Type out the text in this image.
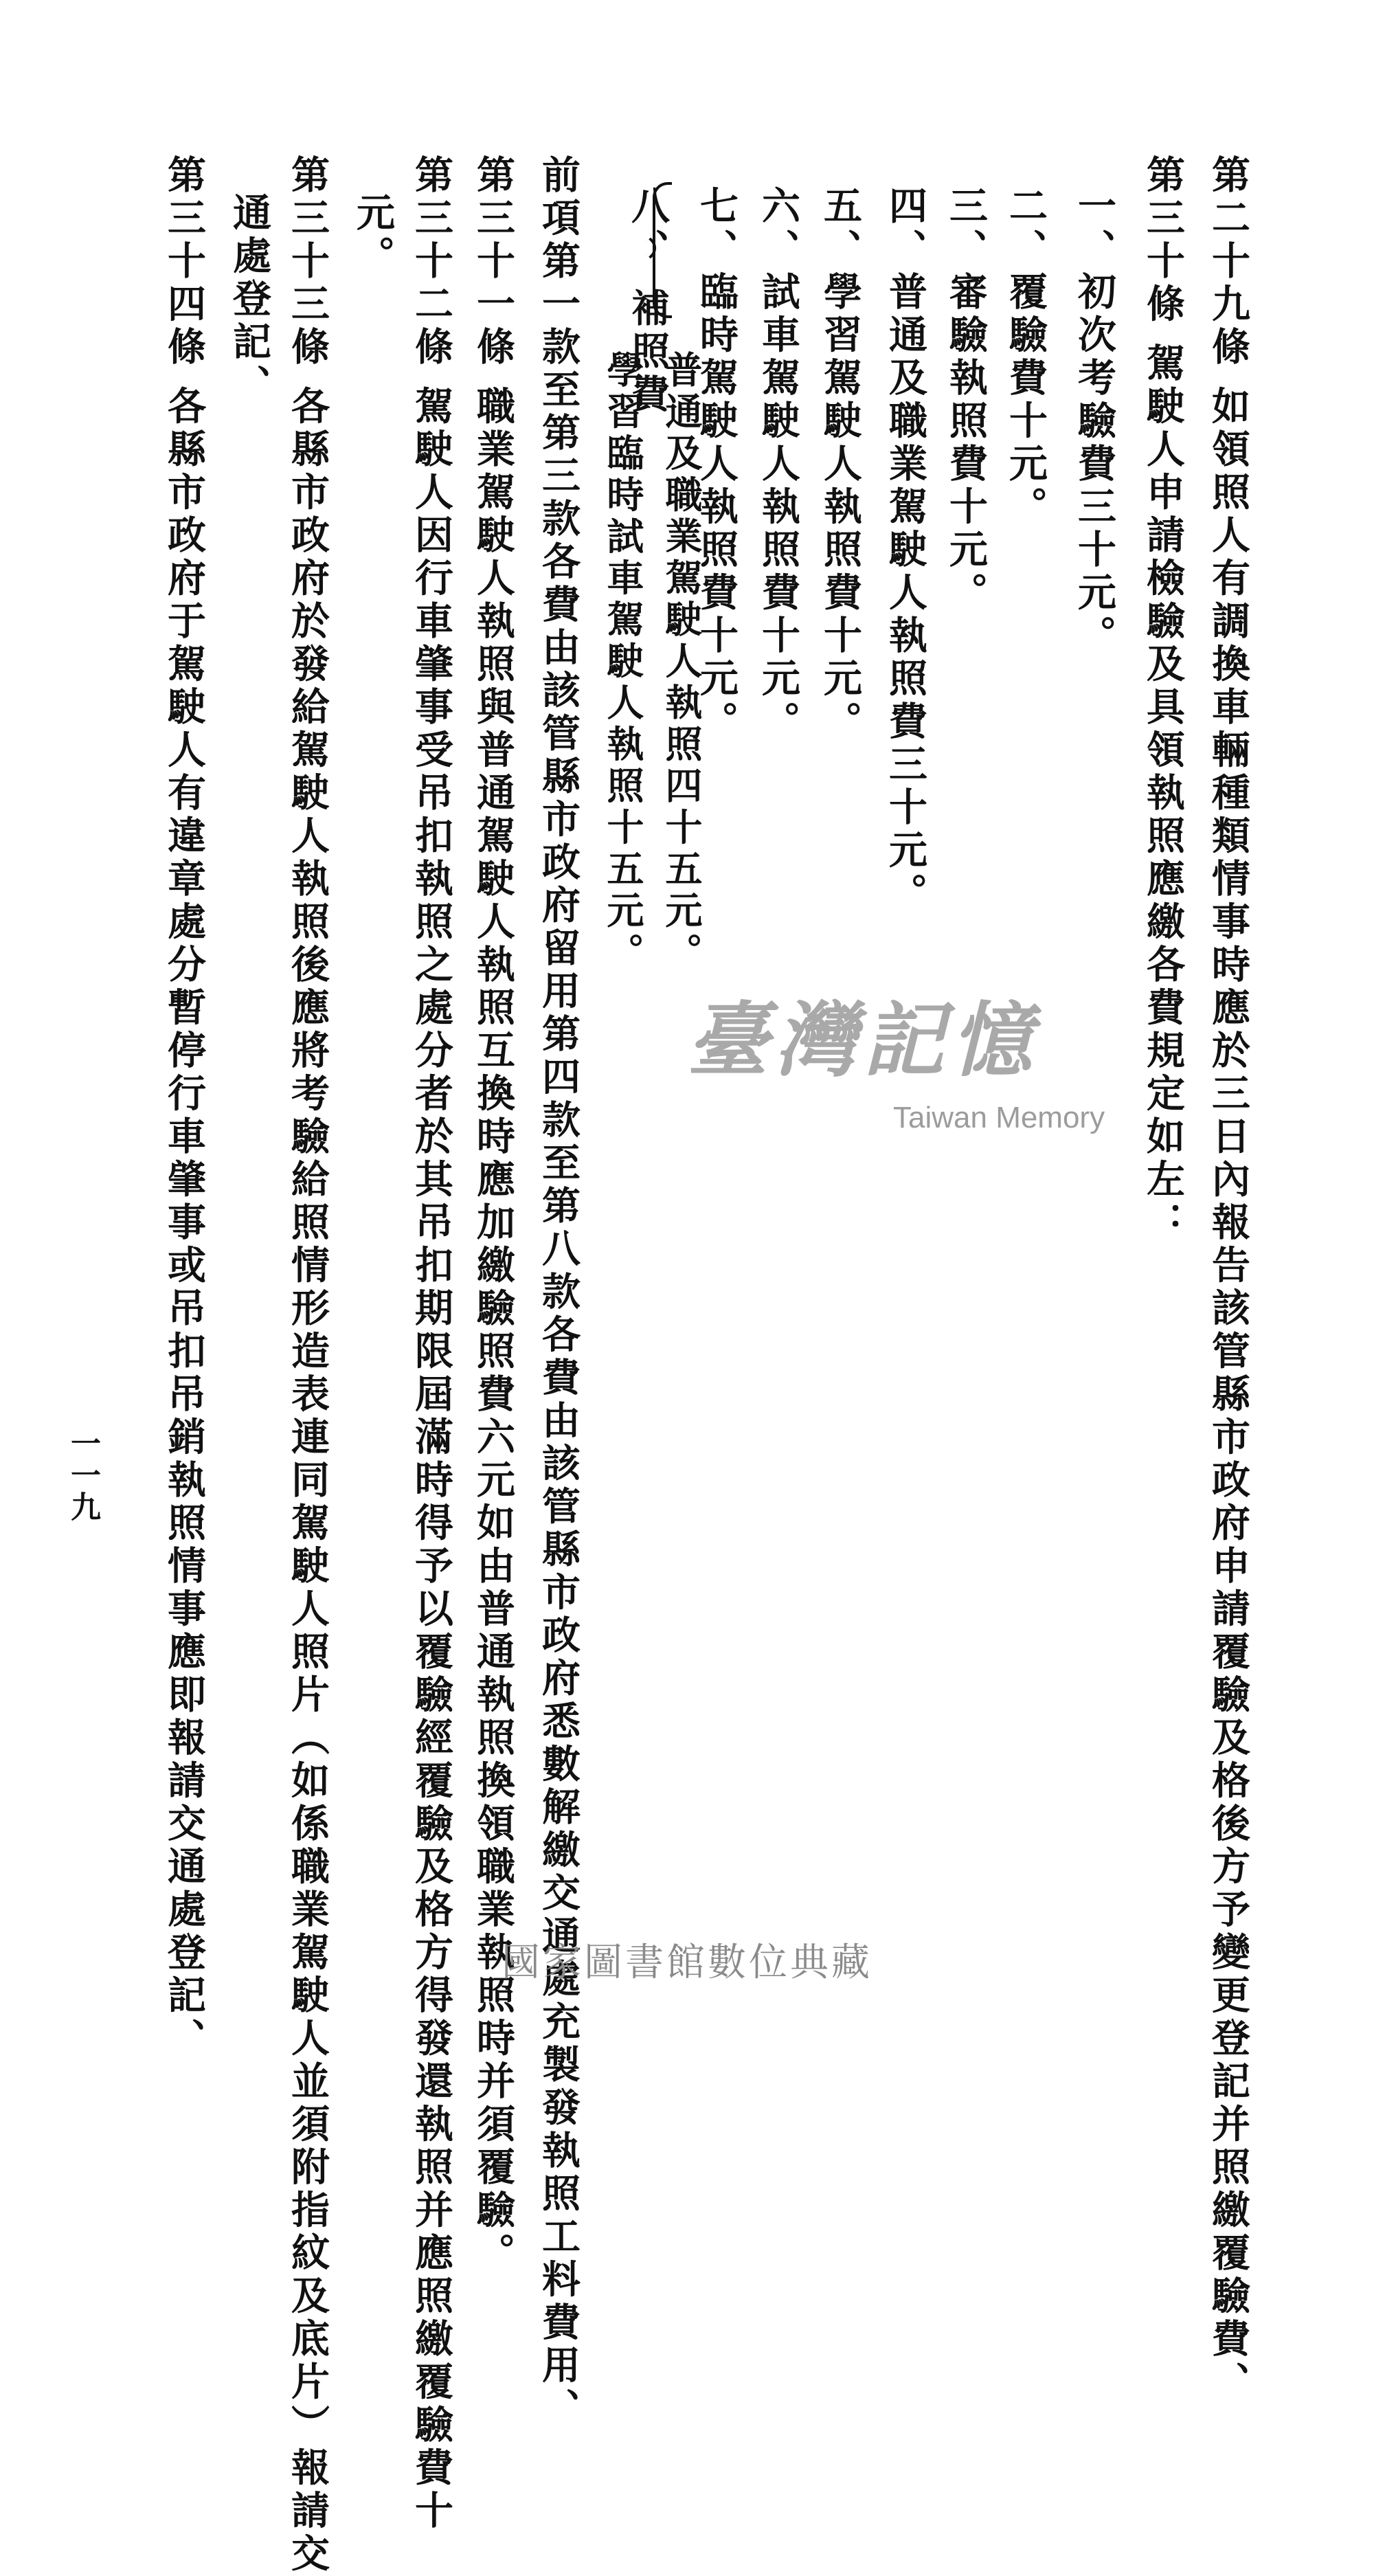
第二十九條如領照人有調換車輛種類情事時應於三日內報告該管縣市政府申請覆驗及格後方予變更登記并照繳覆驗費、
第三十條駕駛人申請檢驗及具領執照應繳各費規定如左：
一、初次考驗費三十元。
二、覆驗費十元。
三、審驗執照費十元。
四、普通及職業駕駛人執照費三十元。
五、學習駕駛人執照費十元。
六、試車駕駛人執照費十元。
七、臨時駕駛人執照費十元。
八、補照費
普通及職業駕駛人執照四十五元。
學習臨時試車駕駛人執照十五元。
前項第一款至第三款各費由該管縣市政府留用第四款至第八款各費由該管縣市政府悉數解繳交通處充製發執照工料費用、
第三十一條職業駕駛人執照與普通駕駛人執照互換時應加繳驗照費六元如由普通執照換領職業執照時并須覆驗。
第三十二條駕駛人因行車肇事受吊扣執照之處分者於其吊扣期限屆滿時得予以覆驗經覆驗及格方得發還執照并應照繳覆驗費十
元。
第三十三條各縣市政府於發給駕駛人執照後應將考驗給照情形造表連同駕駛人照片（如係職業駕駛人並須附指紋及底片）報請交
通處登記、
第三十四條各縣市政府于駕駛人有違章處分暫停行車肇事或吊扣吊銷執照情事應即報請交通處登記、
一一九
臺灣記憶
Taiwan Memory
國家圖書館數位典藏
